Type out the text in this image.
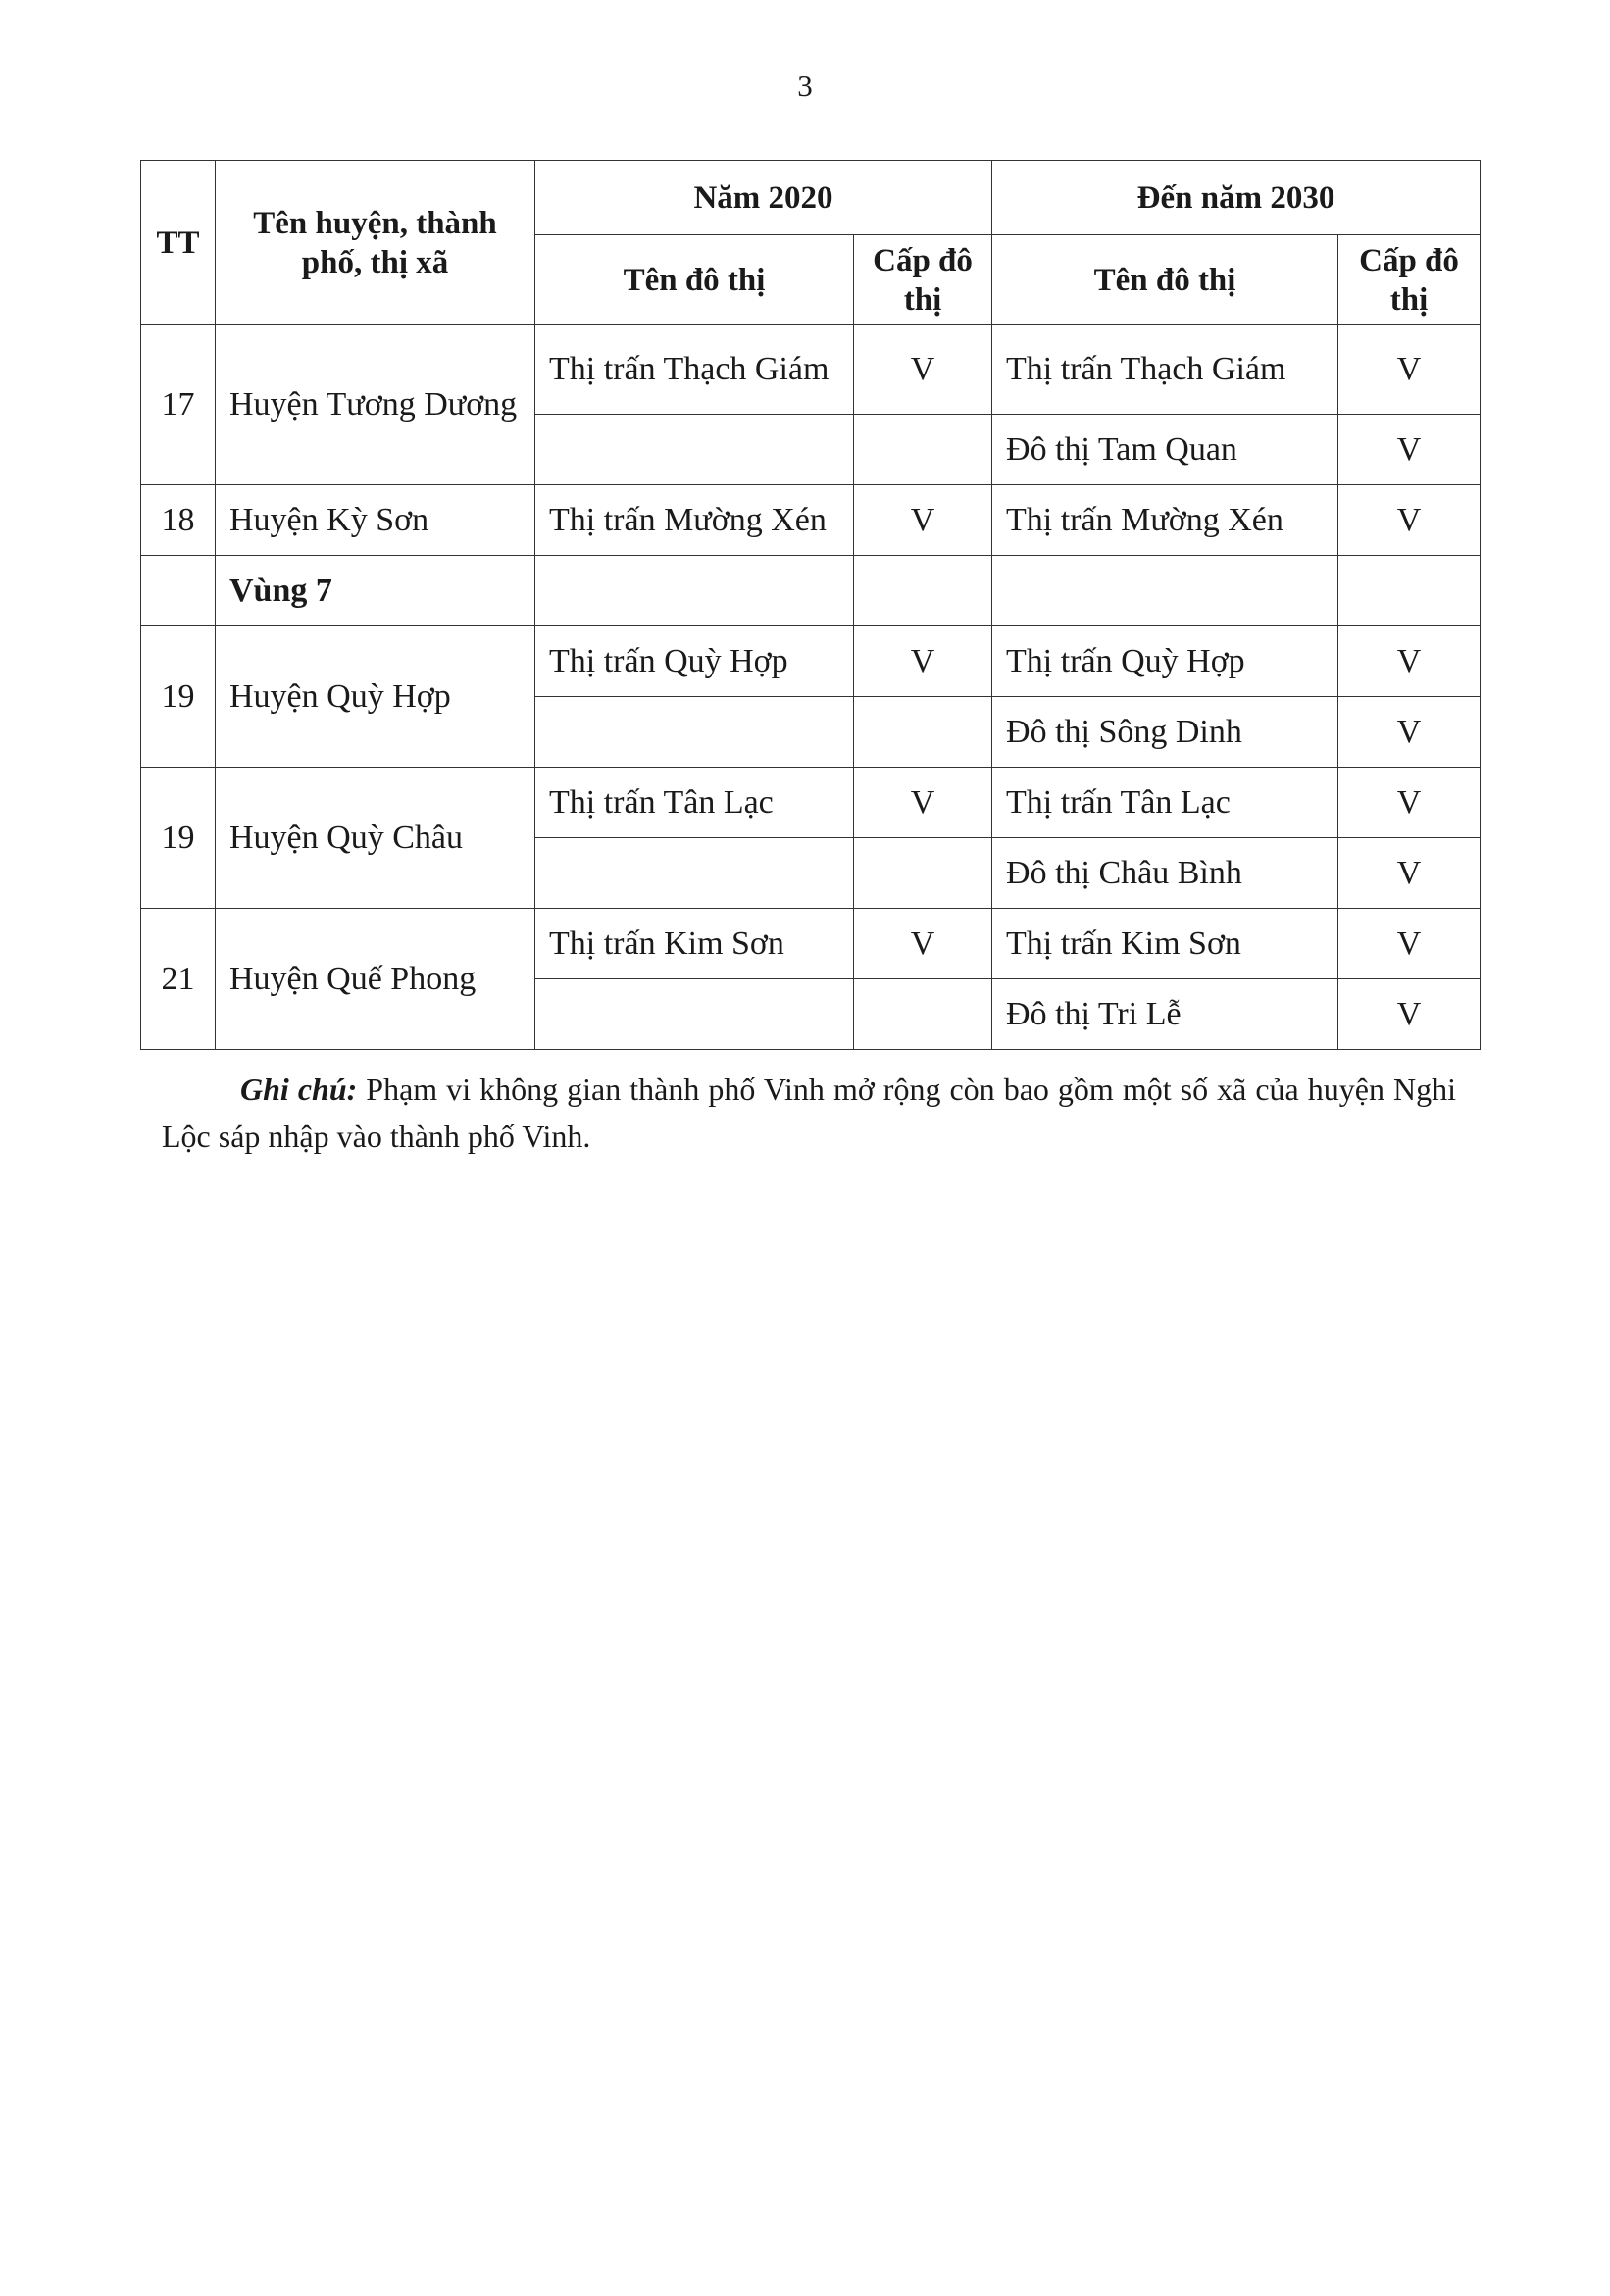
3
TT	Tên huyện, thành phố, thị xã	Năm 2020		Đến năm 2030	
		Tên đô thị	Cấp đô thị	Tên đô thị	Cấp đô thị
17	Huyện Tương Dương	Thị trấn Thạch Giám	V	Thị trấn Thạch Giám	V
				Đô thị Tam Quan	V
18	Huyện Kỳ Sơn	Thị trấn Mường Xén	V	Thị trấn Mường Xén	V
	Vùng 7				
19	Huyện Quỳ Hợp	Thị trấn Quỳ Hợp	V	Thị trấn Quỳ Hợp	V
				Đô thị Sông Dinh	V
19	Huyện Quỳ Châu	Thị trấn Tân Lạc	V	Thị trấn Tân Lạc	V
				Đô thị Châu Bình	V
21	Huyện Quế Phong	Thị trấn Kim Sơn	V	Thị trấn Kim Sơn	V
				Đô thị Tri Lễ	V

Ghi chú: Phạm vi không gian thành phố Vinh mở rộng còn bao gồm một số xã của huyện Nghi Lộc sáp nhập vào thành phố Vinh.
